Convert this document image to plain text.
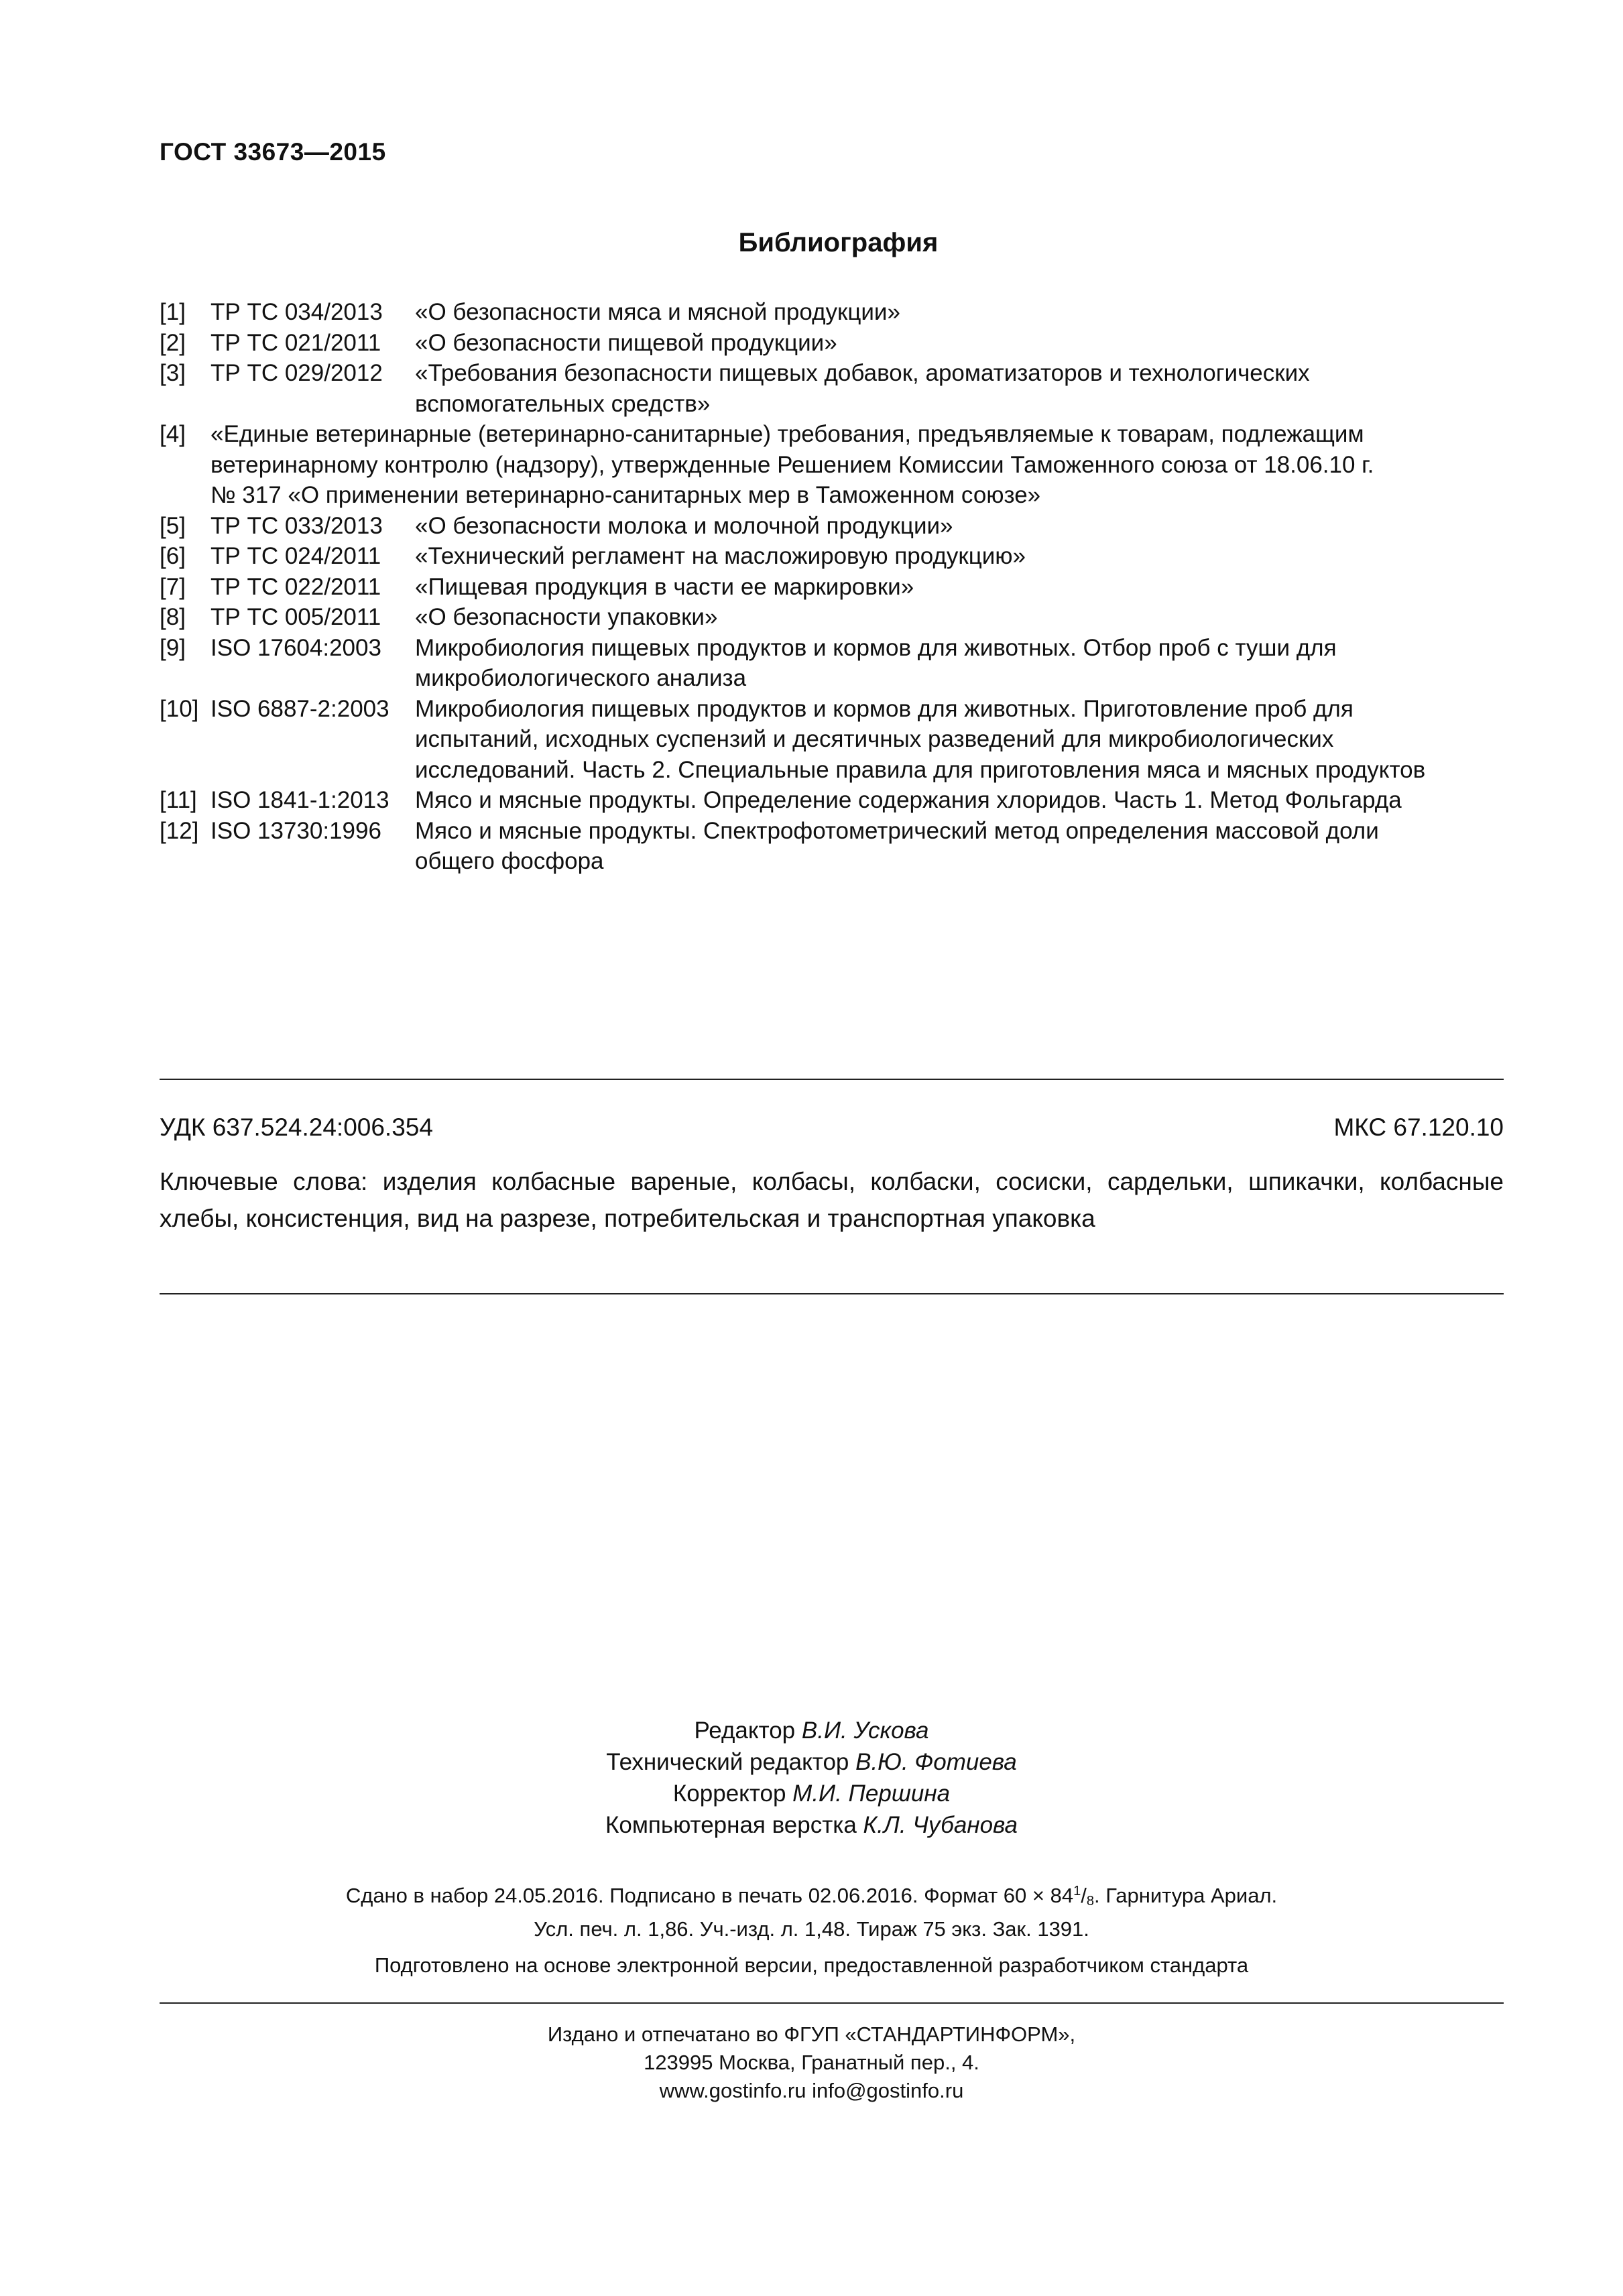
ГОСТ 33673—2015
Библиография
[1]	ТР ТС 034/2013	«О безопасности мяса и мясной продукции»
[2]	ТР ТС 021/2011	«О безопасности пищевой продукции»
[3]	ТР ТС 029/2012	«Требования безопасности пищевых добавок, ароматизаторов и технологических
вспомогательных средств»
[4]	«Единые ветеринарные (ветеринарно-санитарные) требования, предъявляемые к товарам, подлежащим
ветеринарному контролю (надзору), утвержденные Решением Комиссии Таможенного союза от 18.06.10 г.
№ 317 «О применении ветеринарно-санитарных мер в Таможенном союзе»
[5]	ТР ТС 033/2013	«О безопасности молока и молочной продукции»
[6]	ТР ТС 024/2011	«Технический регламент на масложировую продукцию»
[7]	ТР ТС 022/2011	«Пищевая продукция в части ее маркировки»
[8]	ТР ТС 005/2011	«О безопасности упаковки»
[9]	ISO 17604:2003	Микробиология пищевых продуктов и кормов для животных. Отбор проб с туши для
микробиологического анализа
[10] ISO 6887-2:2003	Микробиология пищевых продуктов и кормов для животных. Приготовление проб для
испытаний, исходных суспензий и десятичных разведений для микробиологических
исследований. Часть 2. Специальные правила для приготовления мяса и мясных продуктов
[11] ISO 1841-1:2013	Мясо и мясные продукты. Определение содержания хлоридов. Часть 1. Метод Фольгарда
[12] ISO 13730:1996	Мясо и мясные продукты. Спектрофотометрический метод определения массовой доли
общего фосфора
УДК 637.524.24:006.354	МКС 67.120.10
Ключевые слова: изделия колбасные вареные, колбасы, колбаски, сосиски, сардельки, шпикачки, колбасные хлебы, консистенция, вид на разрезе, потребительская и транспортная упаковка
Редактор В.И. Ускова
Технический редактор В.Ю. Фотиева
Корректор М.И. Першина
Компьютерная верстка К.Л. Чубанова
Сдано в набор 24.05.2016. Подписано в печать 02.06.2016. Формат $60 \times 84^1/_8$. Гарнитура Ариал.
Усл. печ. л. 1,86. Уч.-изд. л. 1,48. Тираж 75 экз. Зак. 1391.
Подготовлено на основе электронной версии, предоставленной разработчиком стандарта
Издано и отпечатано во ФГУП «СТАНДАРТИНФОРМ»,
123995 Москва, Гранатный пер., 4.
www.gostinfo.ru info@gostinfo.ru
